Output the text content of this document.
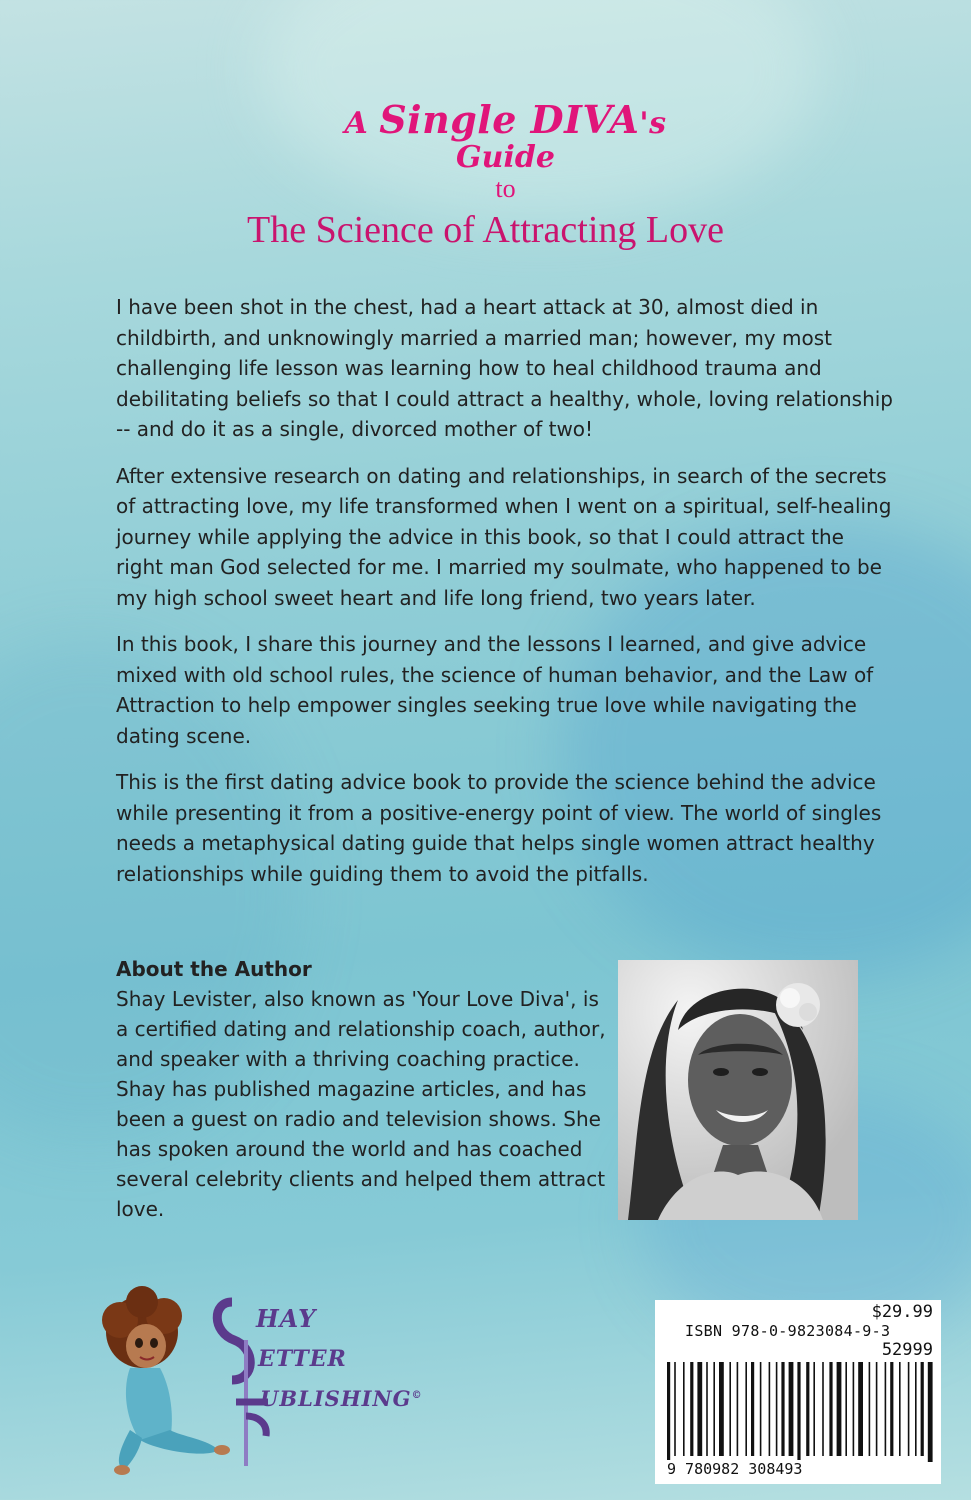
A Single DIVA's
Guide
to
The Science of Attracting Love

I have been shot in the chest, had a heart attack at 30, almost died in childbirth, and unknowingly married a married man; however, my most challenging life lesson was learning how to heal childhood trauma and debilitating beliefs so that I could attract a healthy, whole, loving relationship -- and do it as a single, divorced mother of two!

After extensive research on dating and relationships, in search of the secrets of attracting love, my life transformed when I went on a spiritual, self-healing journey while applying the advice in this book, so that I could attract the right man God selected for me. I married my soulmate, who happened to be my high school sweet heart and life long friend, two years later.

In this book, I share this journey and the lessons I learned, and give advice mixed with old school rules, the science of human behavior, and the Law of Attraction to help empower singles seeking true love while navigating the dating scene.

This is the first dating advice book to provide the science behind the advice while presenting it from a positive-energy point of view. The world of singles needs a metaphysical dating guide that helps single women attract healthy relationships while guiding them to avoid the pitfalls.

About the Author
Shay Levister, also known as 'Your Love Diva', is a certified dating and relationship coach, author, and speaker with a thriving coaching practice. Shay has published magazine articles, and has been a guest on radio and television shows. She has spoken around the world and has coached several celebrity clients and helped them attract love.
HAY
ETTER
UBLISHING©
$29.99
ISBN 978-0-9823084-9-3
52999
9 780982 308493
